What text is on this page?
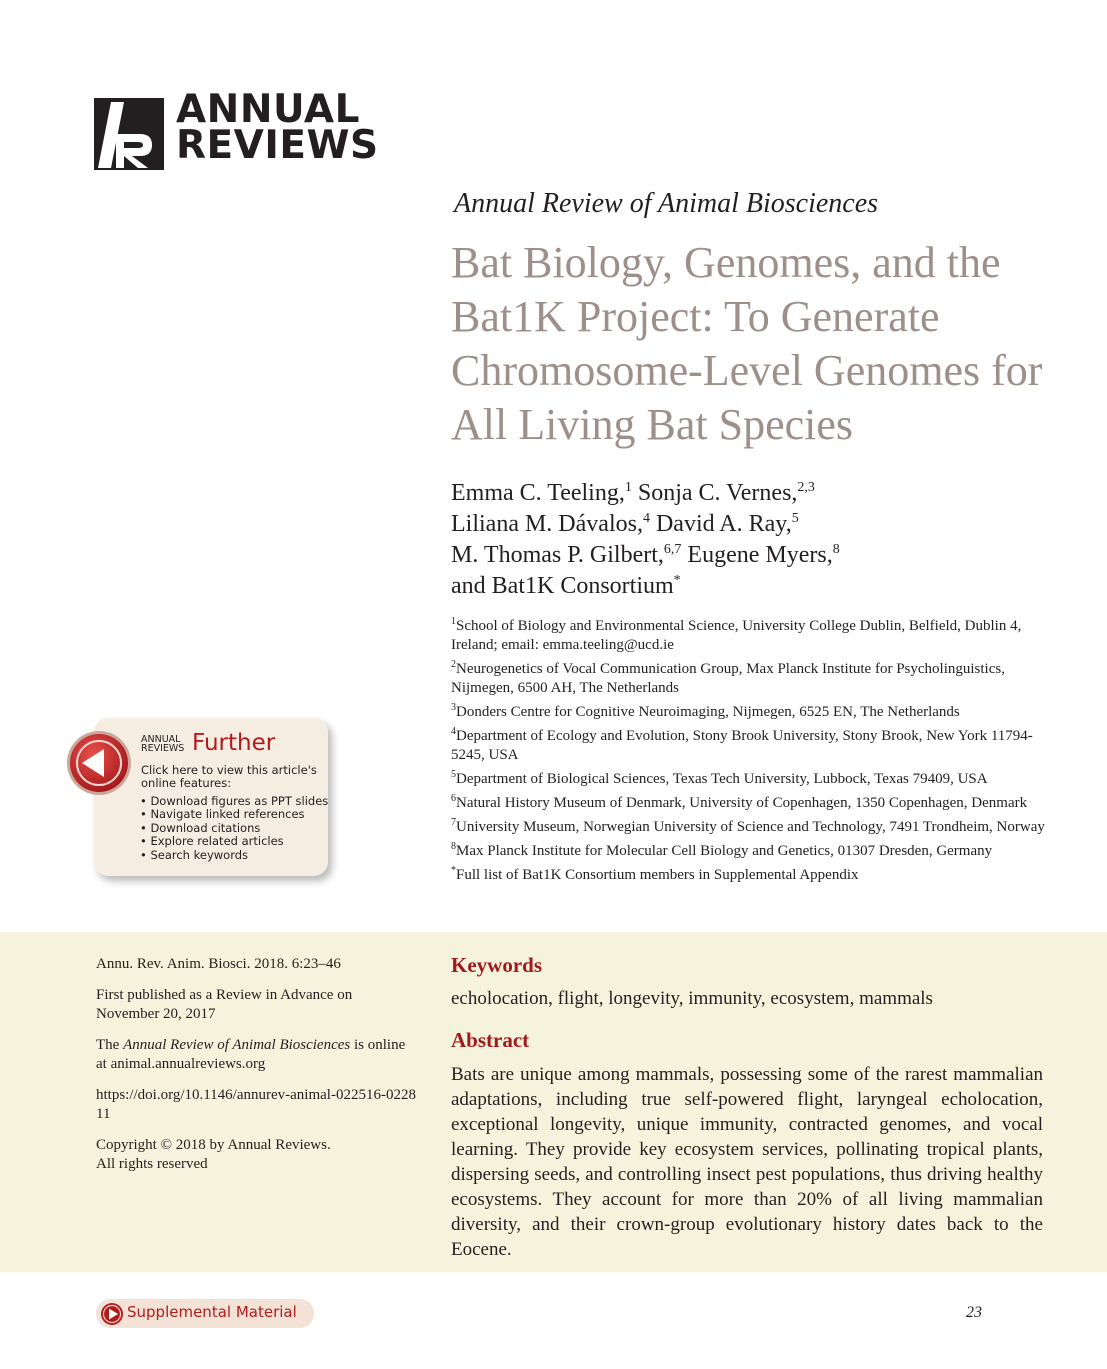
ANNUAL
REVIEWS
Annual Review of Animal Biosciences
Bat Biology, Genomes, and the Bat1K Project: To Generate Chromosome-Level Genomes for All Living Bat Species
Emma C. Teeling,$^1$ Sonja C. Vernes,$^{2,3}$
Liliana M. Dávalos,$^4$ David A. Ray,$^5$
M. Thomas P. Gilbert,$^{6,7}$ Eugene Myers,$^8$
and Bat1K Consortium*
$^1$School of Biology and Environmental Science, University College Dublin, Belfield, Dublin 4, Ireland; email: emma.teeling@ucd.ie
$^2$Neurogenetics of Vocal Communication Group, Max Planck Institute for Psycholinguistics, Nijmegen, 6500 AH, The Netherlands
$^3$Donders Centre for Cognitive Neuroimaging, Nijmegen, 6525 EN, The Netherlands
$^4$Department of Ecology and Evolution, Stony Brook University, Stony Brook, New York 11794-5245, USA
$^5$Department of Biological Sciences, Texas Tech University, Lubbock, Texas 79409, USA
$^6$Natural History Museum of Denmark, University of Copenhagen, 1350 Copenhagen, Denmark
$^7$University Museum, Norwegian University of Science and Technology, 7491 Trondheim, Norway
$^8$Max Planck Institute for Molecular Cell Biology and Genetics, 01307 Dresden, Germany
*Full list of Bat1K Consortium members in Supplemental Appendix
ANNUAL
REVIEWS Further
Click here to view this article's online features:
• Download figures as PPT slides
• Navigate linked references
• Download citations
• Explore related articles
• Search keywords

Annu. Rev. Anim. Biosci. 2018. 6:23–46

First published as a Review in Advance on November 20, 2017

The Annual Review of Animal Biosciences is online at animal.annualreviews.org

https://doi.org/10.1146/annurev-animal-022516-022811

Copyright © 2018 by Annual Reviews.
All rights reserved

Keywords
echolocation, flight, longevity, immunity, ecosystem, mammals
Abstract

Bats are unique among mammals, possessing some of the rarest mammalian adaptations, including true self-powered flight, laryngeal echolocation, exceptional longevity, unique immunity, contracted genomes, and vocal learning. They provide key ecosystem services, pollinating tropical plants, dispersing seeds, and controlling insect pest populations, thus driving healthy ecosystems. They account for more than 20% of all living mammalian diversity, and their crown-group evolutionary history dates back to the Eocene.

Supplemental Material	23
